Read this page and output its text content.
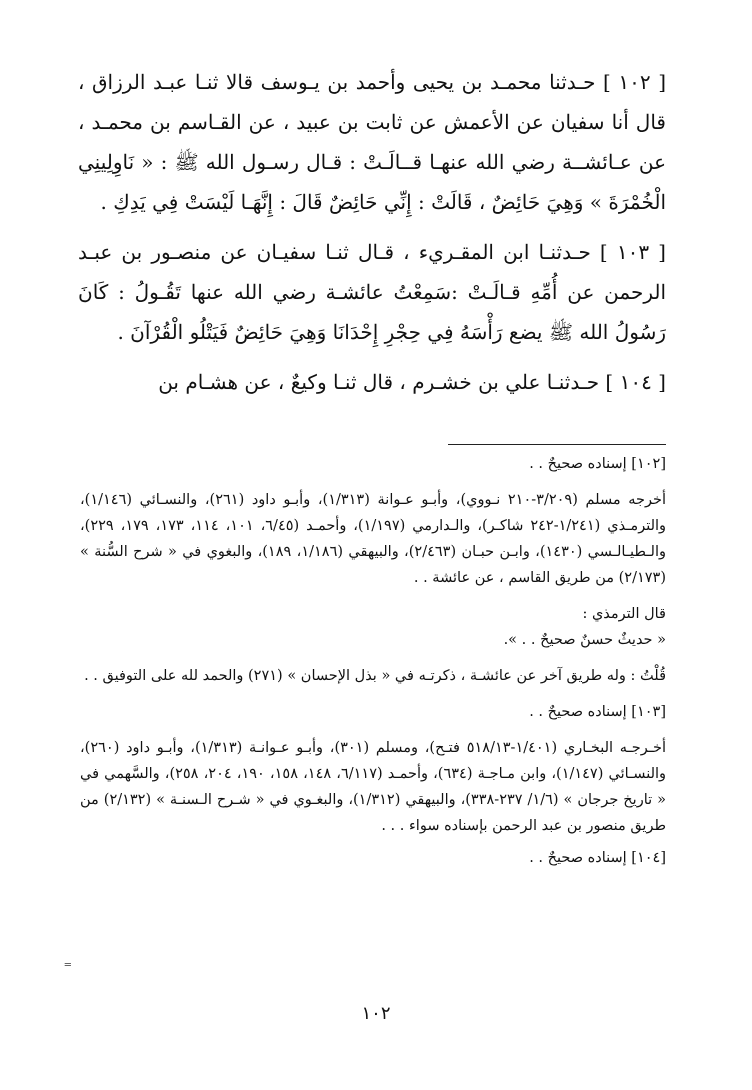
[ ١٠٢ ] حـدثنا محمـد بن يحيى وأحمد بن يـوسف قالا ثنـا عبـد الرزاق ، قال أنا سفيان عن الأعمش عن ثابت بن عبيد ، عن القـاسم بن محمـد ، عن عـائشــة رضي الله عنهـا قــالَـتْ : قـال رسـول الله ﷺ : « نَاوِلِينِي الْخُمْرَةَ » وَهِيَ حَائِضٌ ، قَالَتْ : إِنِّي حَائِضٌ قَالَ : إِنَّهَـا لَيْسَتْ فِي يَدِكِ .

[ ١٠٣ ] حـدثنـا ابن المقـريء ، قـال ثنـا سفيـان عن منصـور بن عبـد الرحمن عن أُمِّهِ قـالَـتْ :سَمِعْتُ عائشـة رضي الله عنها تَقُـولُ : كَانَ رَسُولُ الله ﷺ يضع رَأْسَهُ فِي حِجْرِ إِحْدَانَا وَهِيَ حَائِضٌ فَيَتْلُو الْقُرْآنَ .

[ ١٠٤ ] حـدثنـا علي بن خشـرم ، قال ثنـا وكيعٌ ، عن هشـام بن

[١٠٢] إسناده صحيحٌ . .

أخرجه مسلم (٣/٢٠٩-٢١٠ نـووي)، وأبـو عـوانة (١/٣١٣)، وأبـو داود (٢٦١)، والنسـائي (١/١٤٦)، والترمـذي (١/٢٤١-٢٤٢ شاكـر)، والـدارمي (١/١٩٧)، وأحمـد (٦/٤٥، ١٠١، ١١٤، ١٧٣، ١٧٩، ٢٢٩)، والـطيـالـسي (١٤٣٠)، وابـن حبـان (٢/٤٦٣)، والبيهقي (١/١٨٦، ١٨٩)، والبغوي في « شرح السُّنة » (٢/١٧٣) من طريق القاسم ، عن عائشة . .

قال الترمذي :

« حديثٌ حسنٌ صحيحٌ . . ».

قُلْتُ : وله طريق آخر عن عائشـة ، ذكرتـه في « بذل الإحسان » (٢٧١) والحمد لله على التوفيق . .

[١٠٣] إسناده صحيحٌ . .

أخـرجـه البخـاري (١/٤٠١-٥١٨/١٣ فتـح)، ومسلم (٣٠١)، وأبـو عـوانـة (١/٣١٣)، وأبـو داود (٢٦٠)، والنسـائي (١/١٤٧)، وابن مـاجـة (٦٣٤)، وأحمـد (٦/١١٧، ١٤٨، ١٥٨، ١٩٠، ٢٠٤، ٢٥٨)، والسَّهمي في « تاريخ جرجان » (١/٦/ ٢٣٧-٣٣٨)، والبيهقي (١/٣١٢)، والبغـوي في « شـرح الـسنـة » (٢/١٣٢) من طريق منصور بن عبد الرحمن بإسناده سواء . . .

[١٠٤] إسناده صحيحٌ . .

=
١٠٢
